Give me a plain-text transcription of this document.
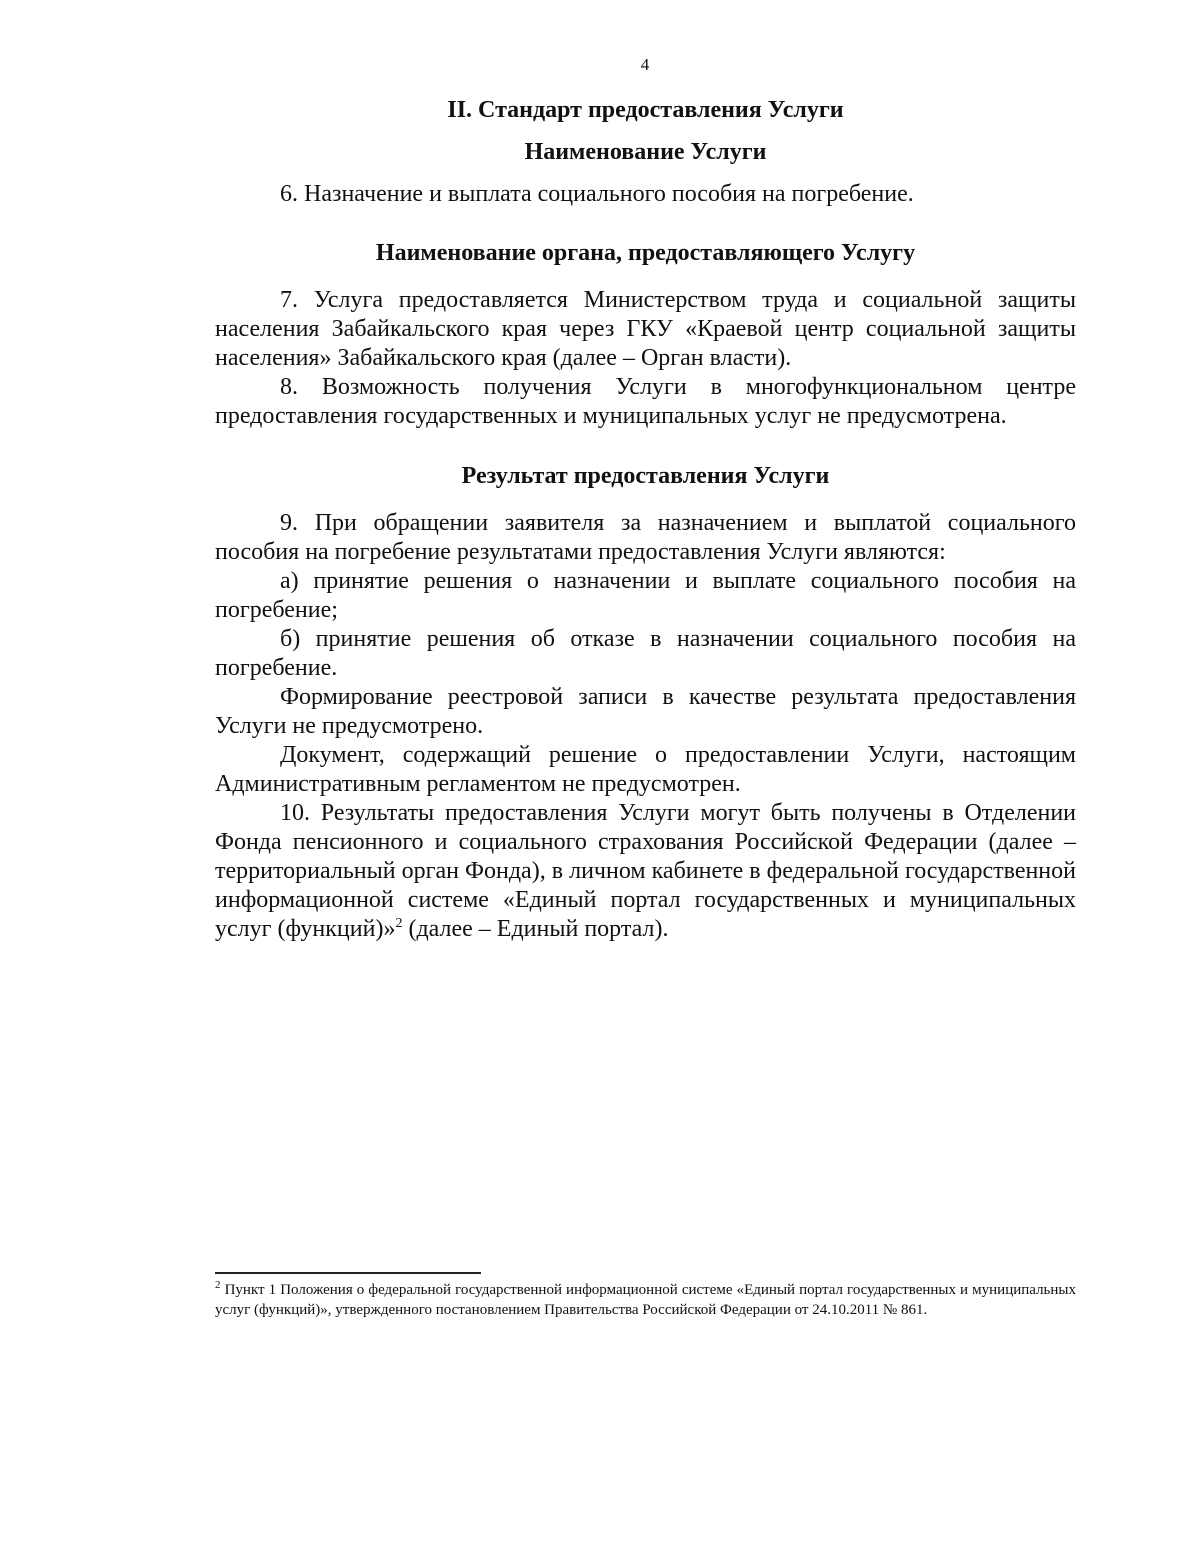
4

II. Стандарт предоставления Услуги

Наименование Услуги

6. Назначение и выплата социального пособия на погребение.

Наименование органа, предоставляющего Услугу

7. Услуга предоставляется Министерством труда и социальной защиты населения Забайкальского края через ГКУ «Краевой центр социальной защиты населения» Забайкальского края (далее – Орган власти).

8. Возможность получения Услуги в многофункциональном центре предоставления государственных и муниципальных услуг не предусмотрена.

Результат предоставления Услуги

9. При обращении заявителя за назначением и выплатой социального пособия на погребение результатами предоставления Услуги являются:

а) принятие решения о назначении и выплате социального пособия на погребение;

б) принятие решения об отказе в назначении социального пособия на погребение.

Формирование реестровой записи в качестве результата предоставления Услуги не предусмотрено.

Документ, содержащий решение о предоставлении Услуги, настоящим Административным регламентом не предусмотрен.

10. Результаты предоставления Услуги могут быть получены в Отделении Фонда пенсионного и социального страхования Российской Федерации (далее – территориальный орган Фонда), в личном кабинете в федеральной государственной информационной системе «Единый портал государственных и муниципальных услуг (функций)»$^2$ (далее – Единый портал).

$^2$ Пункт 1 Положения о федеральной государственной информационной системе «Единый портал государственных и муниципальных услуг (функций)», утвержденного постановлением Правительства Российской Федерации от 24.10.2011 № 861.
